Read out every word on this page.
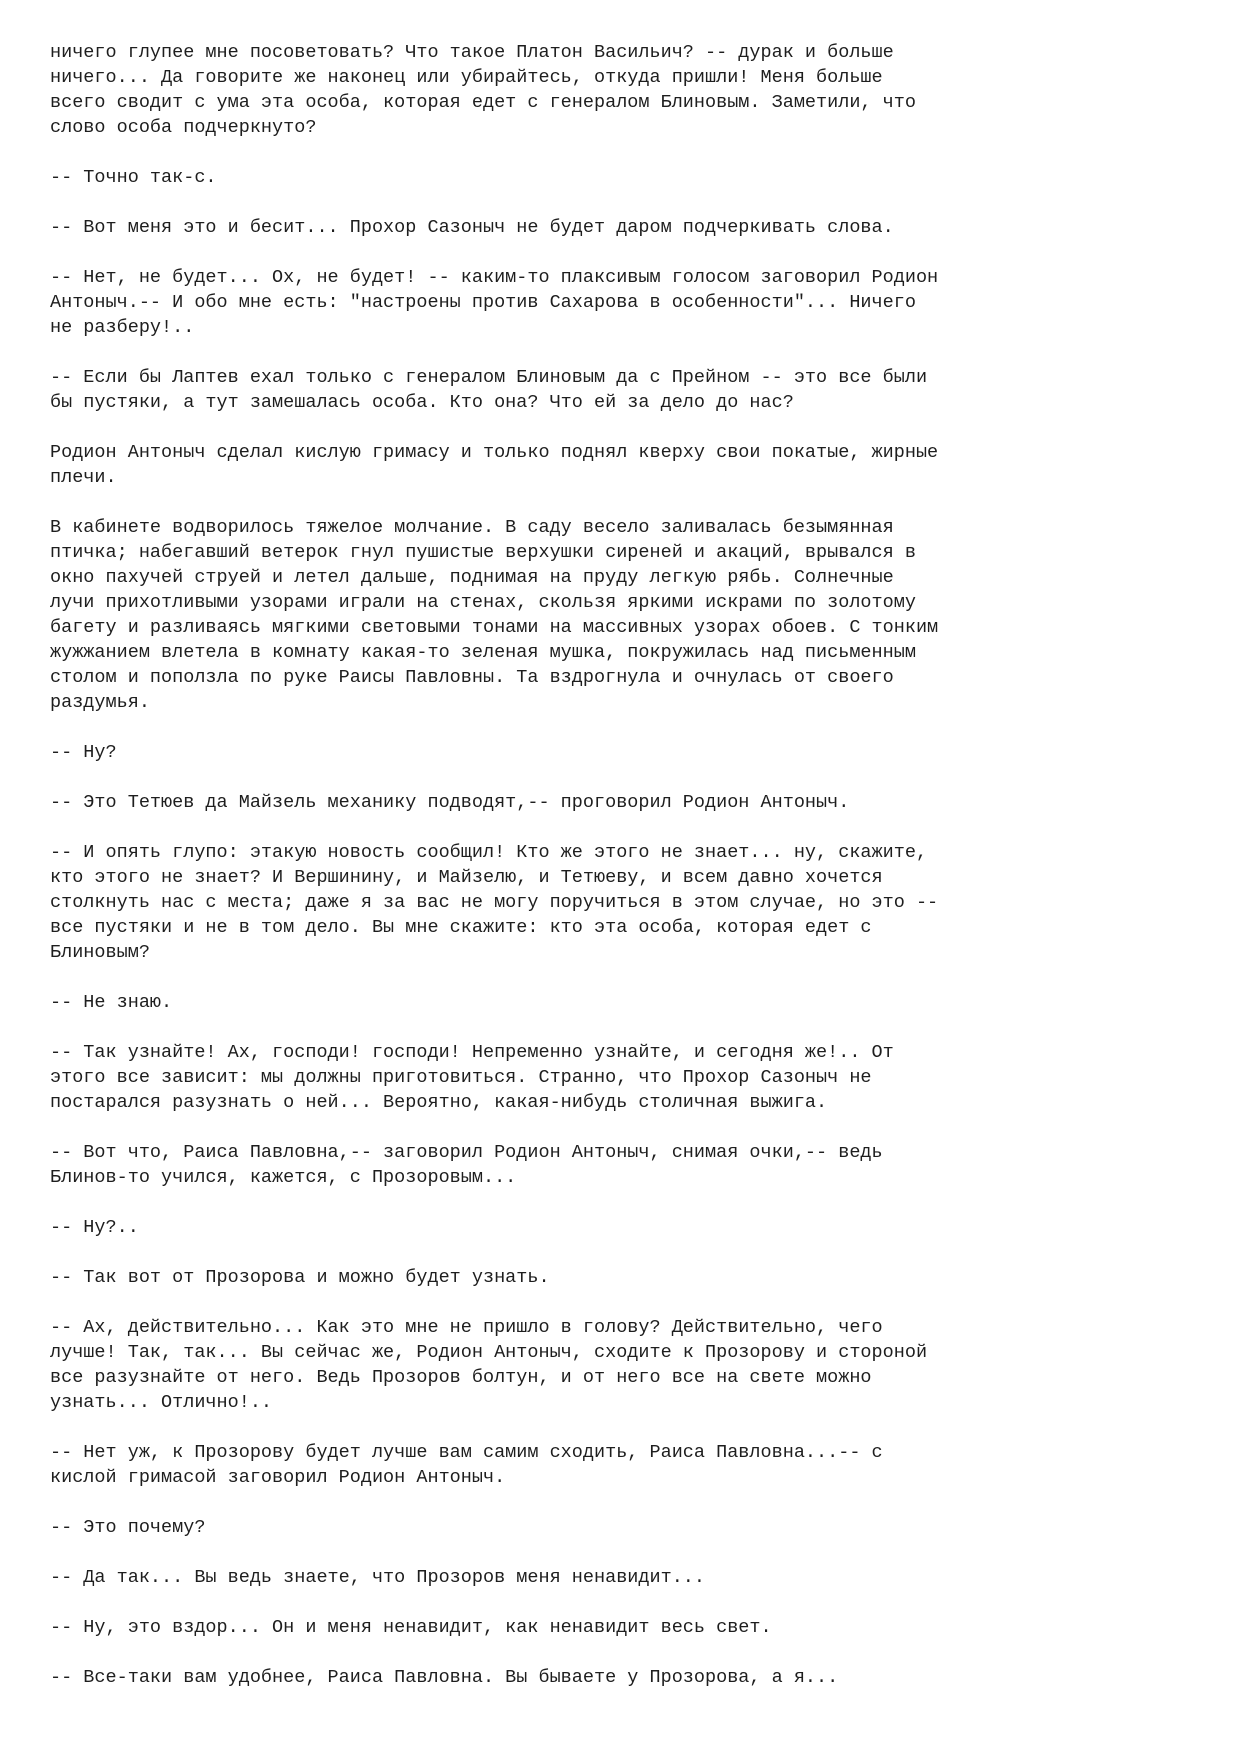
ничего глупее мне посоветовать? Что такое Платон Васильич? -- дурак и больше
ничего... Да говорите же наконец или убирайтесь, откуда пришли! Меня больше
всего сводит с ума эта особа, которая едет с генералом Блиновым. Заметили, что
слово особа подчеркнуто?

-- Точно так-с.

-- Вот меня это и бесит... Прохор Сазоныч не будет даром подчеркивать слова.

-- Нет, не будет... Ох, не будет! -- каким-то плаксивым голосом заговорил Родион
Антоныч.-- И обо мне есть: "настроены против Сахарова в особенности"... Ничего
не разберу!..

-- Если бы Лаптев ехал только с генералом Блиновым да с Прейном -- это все были
бы пустяки, а тут замешалась особа. Кто она? Что ей за дело до нас?

Родион Антоныч сделал кислую гримасу и только поднял кверху свои покатые, жирные
плечи.

В кабинете водворилось тяжелое молчание. В саду весело заливалась безымянная
птичка; набегавший ветерок гнул пушистые верхушки сиреней и акаций, врывался в
окно пахучей струей и летел дальше, поднимая на пруду легкую рябь. Солнечные
лучи прихотливыми узорами играли на стенах, скользя яркими искрами по золотому
багету и разливаясь мягкими световыми тонами на массивных узорах обоев. С тонким
жужжанием влетела в комнату какая-то зеленая мушка, покружилась над письменным
столом и поползла по руке Раисы Павловны. Та вздрогнула и очнулась от своего
раздумья.

-- Ну?

-- Это Тетюев да Майзель механику подводят,-- проговорил Родион Антоныч.

-- И опять глупо: этакую новость сообщил! Кто же этого не знает... ну, скажите,
кто этого не знает? И Вершинину, и Майзелю, и Тетюеву, и всем давно хочется
столкнуть нас с места; даже я за вас не могу поручиться в этом случае, но это --
все пустяки и не в том дело. Вы мне скажите: кто эта особа, которая едет с
Блиновым?

-- Не знаю.

-- Так узнайте! Ах, господи! господи! Непременно узнайте, и сегодня же!.. От
этого все зависит: мы должны приготовиться. Странно, что Прохор Сазоныч не
постарался разузнать о ней... Вероятно, какая-нибудь столичная выжига.

-- Вот что, Раиса Павловна,-- заговорил Родион Антоныч, снимая очки,-- ведь
Блинов-то учился, кажется, с Прозоровым...

-- Ну?..

-- Так вот от Прозорова и можно будет узнать.

-- Ах, действительно... Как это мне не пришло в голову? Действительно, чего
лучше! Так, так... Вы сейчас же, Родион Антоныч, сходите к Прозорову и стороной
все разузнайте от него. Ведь Прозоров болтун, и от него все на свете можно
узнать... Отлично!..

-- Нет уж, к Прозорову будет лучше вам самим сходить, Раиса Павловна...-- с
кислой гримасой заговорил Родион Антоныч.

-- Это почему?

-- Да так... Вы ведь знаете, что Прозоров меня ненавидит...

-- Ну, это вздор... Он и меня ненавидит, как ненавидит весь свет.

-- Все-таки вам удобнее, Раиса Павловна. Вы бываете у Прозорова, а я...
